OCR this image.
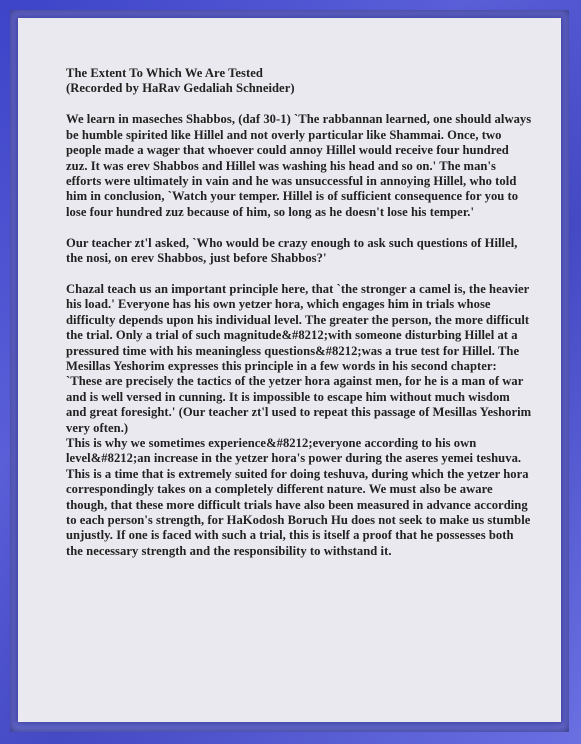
The Extent To Which We Are Tested
(Recorded by HaRav Gedaliah Schneider)

We learn in maseches Shabbos, (daf 30-1) `The rabbannan learned, one should always be humble spirited like Hillel and not overly particular like Shammai. Once, two people made a wager that whoever could annoy Hillel would receive four hundred zuz. It was erev Shabbos and Hillel was washing his head and so on.' The man's efforts were ultimately in vain and he was unsuccessful in annoying Hillel, who told him in conclusion, `Watch your temper. Hillel is of sufficient consequence for you to lose four hundred zuz because of him, so long as he doesn't lose his temper.'

Our teacher zt'l asked, `Who would be crazy enough to ask such questions of Hillel, the nosi, on erev Shabbos, just before Shabbos?'

Chazal teach us an important principle here, that `the stronger a camel is, the heavier his load.' Everyone has his own yetzer hora, which engages him in trials whose difficulty depends upon his individual level. The greater the person, the more difficult the trial. Only a trial of such magnitude&#8212;with someone disturbing Hillel at a pressured time with his meaningless questions&#8212;was a true test for Hillel. The Mesillas Yeshorim expresses this principle in a few words in his second chapter: `These are precisely the tactics of the yetzer hora against men, for he is a man of war and is well versed in cunning. It is impossible to escape him without much wisdom and great foresight.' (Our teacher zt'l used to repeat this passage of Mesillas Yeshorim very often.)

This is why we sometimes experience&#8212;everyone according to his own level&#8212;an increase in the yetzer hora's power during the aseres yemei teshuva. This is a time that is extremely suited for doing teshuva, during which the yetzer hora correspondingly takes on a completely different nature. We must also be aware though, that these more difficult trials have also been measured in advance according to each person's strength, for HaKodosh Boruch Hu does not seek to make us stumble unjustly. If one is faced with such a trial, this is itself a proof that he possesses both the necessary strength and the responsibility to withstand it.
